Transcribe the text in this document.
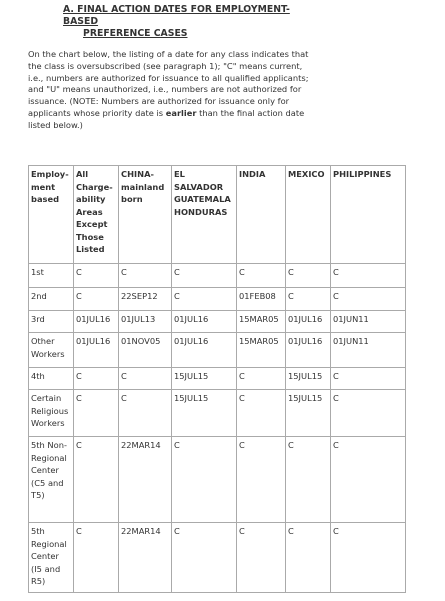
A. FINAL ACTION DATES FOR EMPLOYMENT-BASED
PREFERENCE CASES

On the chart below, the listing of a date for any class indicates that the class is oversubscribed (see paragraph 1); "C" means current, i.e., numbers are authorized for issuance to all qualified applicants; and "U" means unauthorized, i.e., numbers are not authorized for issuance. (NOTE: Numbers are authorized for issuance only for applicants whose priority date is earlier than the final action date listed below.)

Employ-ment based	All Charge-ability Areas Except Those Listed	CHINA-mainland born	EL SALVADOR GUATEMALA HONDURAS	INDIA	MEXICO	PHILIPPINES
1st	C	C	C	C	C	C
2nd	C	22SEP12	C	01FEB08	C	C
3rd	01JUL16	01JUL13	01JUL16	15MAR05	01JUL16	01JUN11
Other Workers	01JUL16	01NOV05	01JUL16	15MAR05	01JUL16	01JUN11
4th	C	C	15JUL15	C	15JUL15	C
Certain Religious Workers	C	C	15JUL15	C	15JUL15	C
5th Non-Regional Center (C5 and T5)	C	22MAR14	C	C	C	C
5th Regional Center (I5 and R5)	C	22MAR14	C	C	C	C
